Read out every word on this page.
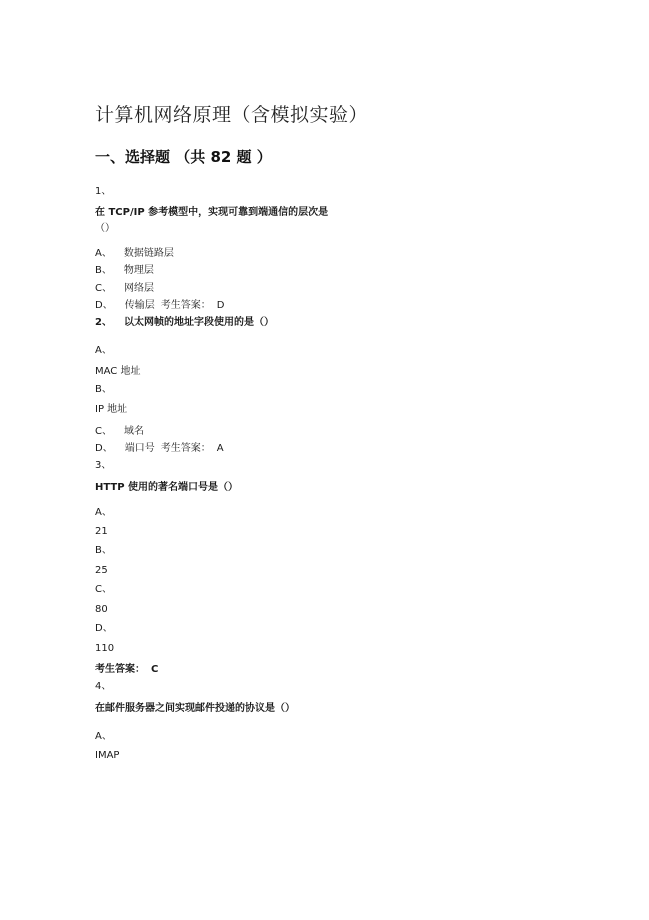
计算机网络原理（含模拟实验）
一、选择题 （共 82 题 ）
1、
在 TCP/IP 参考模型中，实现可靠到端通信的层次是
（）
A、 数据链路层
B、 物理层
C、 网络层
D、 传输层 考生答案： D
2、 以太网帧的地址字段使用的是（）
A、
MAC 地址
B、
IP 地址
C、 域名
D、 端口号 考生答案： A
3、
HTTP 使用的著名端口号是（）
A、
21
B、
25
C、
80
D、
110
考生答案： C
4、
在邮件服务器之间实现邮件投递的协议是（）
A、
IMAP
